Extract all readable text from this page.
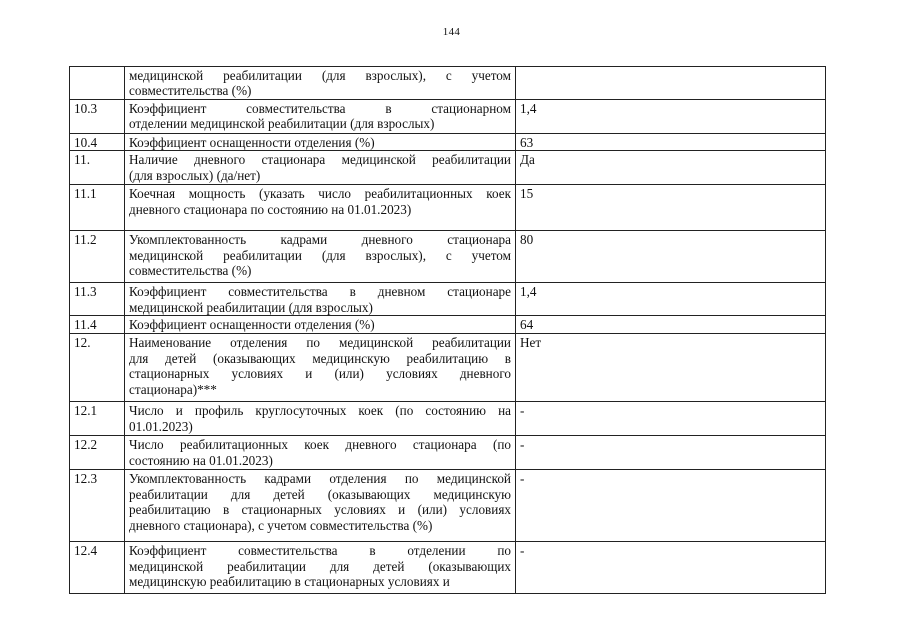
144

	медицинской реабилитации (для взрослых), с учетом
совместительства (%)	

10.3	Коэффициент совместительства в стационарном
отделении медицинской реабилитации (для взрослых)	1,4
10.4	Коэффициент оснащенности отделения (%)	63
11.	Наличие дневного стационара медицинской реабилитации
(для взрослых) (да/нет)	Да
11.1	Коечная мощность (указать число реабилитационных коек
дневного стационара по состоянию на 01.01.2023)	15
11.2	Укомплектованность кадрами дневного стационара
медицинской реабилитации (для взрослых), с учетом
совместительства (%)	80
11.3	Коэффициент совместительства в дневном стационаре
медицинской реабилитации (для взрослых)	1,4
11.4	Коэффициент оснащенности отделения (%)	64
12.	Наименование отделения по медицинской реабилитации
для детей (оказывающих медицинскую реабилитацию в
стационарных условиях и (или) условиях дневного
стационара)***	Нет
12.1	Число и профиль круглосуточных коек (по состоянию на
01.01.2023)	-
12.2	Число реабилитационных коек дневного стационара (по
состоянию на 01.01.2023)	-
12.3	Укомплектованность кадрами отделения по медицинской
реабилитации для детей (оказывающих медицинскую
реабилитацию в стационарных условиях и (или) условиях
дневного стационара), с учетом совместительства (%)	-
12.4	Коэффициент совместительства в отделении по
медицинской реабилитации для детей (оказывающих
медицинскую реабилитацию в стационарных условиях и	-
